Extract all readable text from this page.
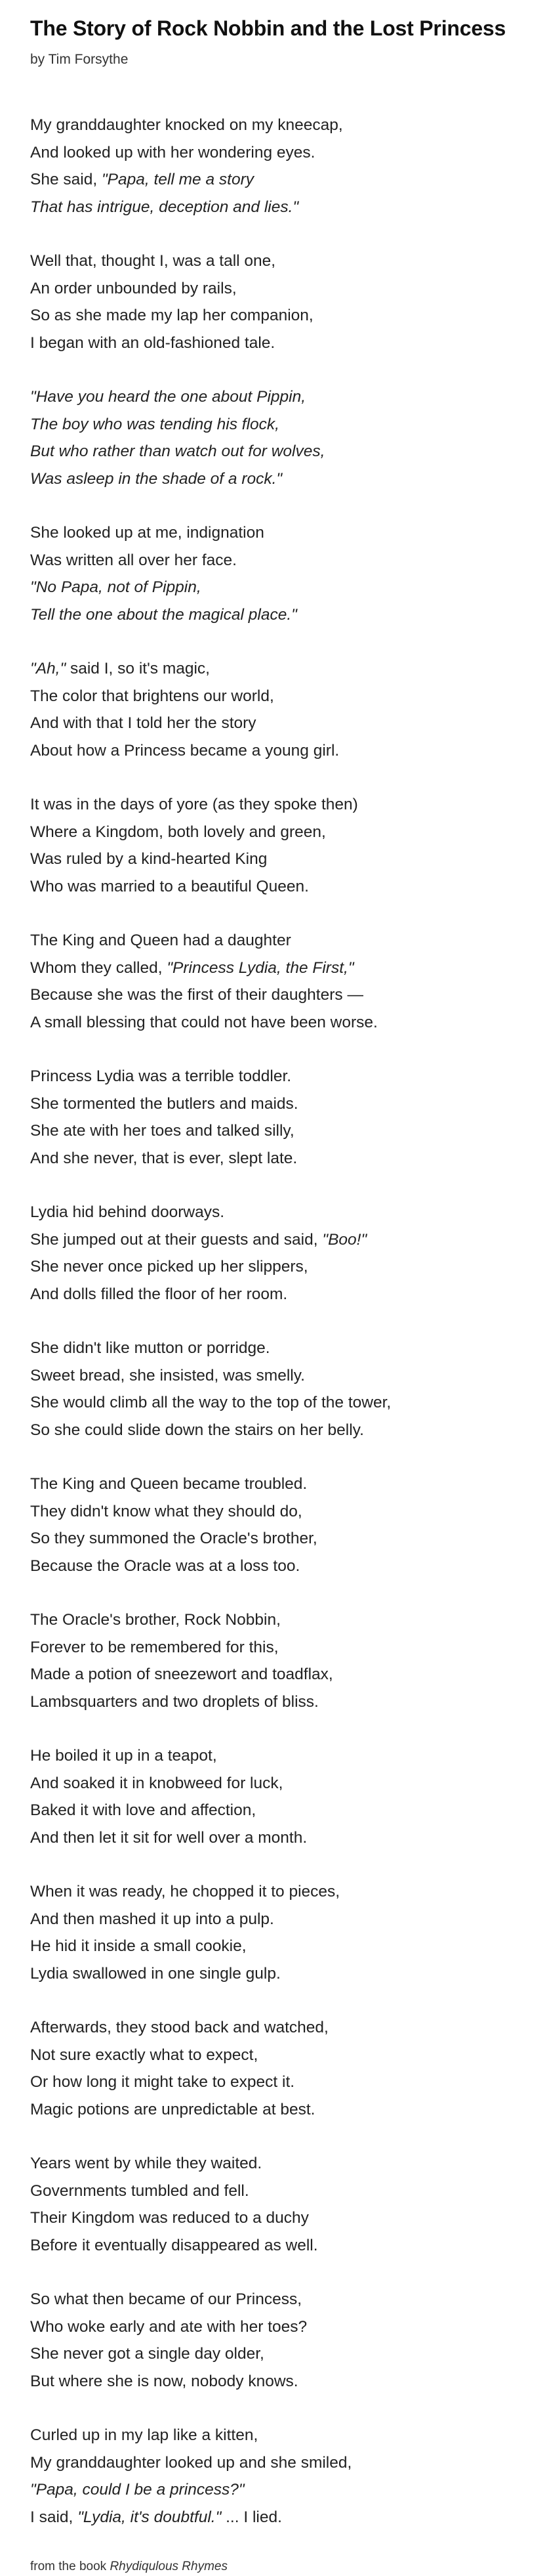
The Story of Rock Nobbin and the Lost Princess
by Tim Forsythe
My granddaughter knocked on my kneecap,
And looked up with her wondering eyes.
She said, "Papa, tell me a story
That has intrigue, deception and lies."
Well that, thought I, was a tall one,
An order unbounded by rails,
So as she made my lap her companion,
I began with an old-fashioned tale.
"Have you heard the one about Pippin,
The boy who was tending his flock,
But who rather than watch out for wolves,
Was asleep in the shade of a rock."
She looked up at me, indignation
Was written all over her face.
"No Papa, not of Pippin,
Tell the one about the magical place."
"Ah," said I, so it's magic,
The color that brightens our world,
And with that I told her the story
About how a Princess became a young girl.
It was in the days of yore (as they spoke then)
Where a Kingdom, both lovely and green,
Was ruled by a kind-hearted King
Who was married to a beautiful Queen.
The King and Queen had a daughter
Whom they called, "Princess Lydia, the First,"
Because she was the first of their daughters —
A small blessing that could not have been worse.
Princess Lydia was a terrible toddler.
She tormented the butlers and maids.
She ate with her toes and talked silly,
And she never, that is ever, slept late.
Lydia hid behind doorways.
She jumped out at their guests and said, "Boo!"
She never once picked up her slippers,
And dolls filled the floor of her room.
She didn't like mutton or porridge.
Sweet bread, she insisted, was smelly.
She would climb all the way to the top of the tower,
So she could slide down the stairs on her belly.
The King and Queen became troubled.
They didn't know what they should do,
So they summoned the Oracle's brother,
Because the Oracle was at a loss too.
The Oracle's brother, Rock Nobbin,
Forever to be remembered for this,
Made a potion of sneezewort and toadflax,
Lambsquarters and two droplets of bliss.
He boiled it up in a teapot,
And soaked it in knobweed for luck,
Baked it with love and affection,
And then let it sit for well over a month.
When it was ready, he chopped it to pieces,
And then mashed it up into a pulp.
He hid it inside a small cookie,
Lydia swallowed in one single gulp.
Afterwards, they stood back and watched,
Not sure exactly what to expect,
Or how long it might take to expect it.
Magic potions are unpredictable at best.
Years went by while they waited.
Governments tumbled and fell.
Their Kingdom was reduced to a duchy
Before it eventually disappeared as well.
So what then became of our Princess,
Who woke early and ate with her toes?
She never got a single day older,
But where she is now, nobody knows.
Curled up in my lap like a kitten,
My granddaughter looked up and she smiled,
"Papa, could I be a princess?"
I said, "Lydia, it's doubtful." ... I lied.
from the book Rhydiqulous Rhymes
